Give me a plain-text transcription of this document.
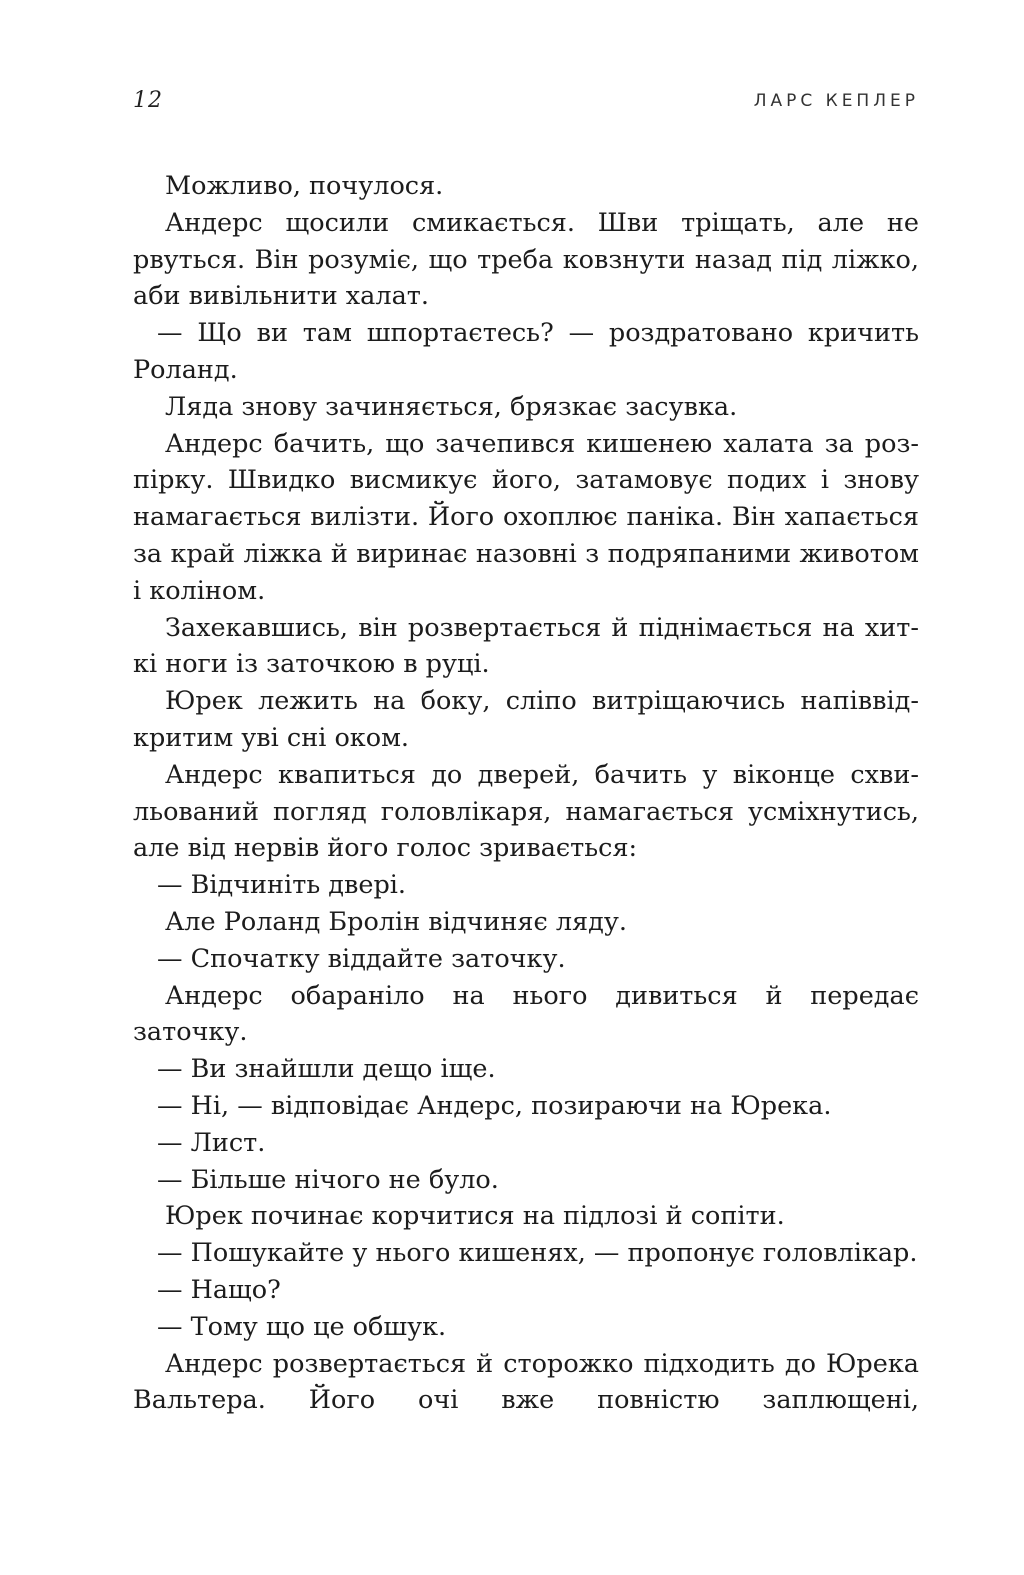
12	ЛАРС КЕПЛЕР

Можливо, почулося.

Андерс щосили смикається. Шви тріщать, але не рвуться. Він розуміє, що треба ковзнути назад під ліжко, аби вивільнити халат.

— Що ви там шпортаєтесь? — роздратовано кричить Роланд.

Ляда знову зачиняється, брязкає засувка.

Андерс бачить, що зачепився кишенею халата за розпірку. Швидко висмикує його, затамовує подих і знову намагається вилізти. Його охоплює паніка. Він хапається за край ліжка й виринає назовні з подряпаними животом і коліном.

Захекавшись, він розвертається й піднімається на хиткі ноги із заточкою в руці.

Юрек лежить на боку, сліпо витріщаючись напіввідкритим уві сні оком.

Андерс квапиться до дверей, бачить у віконце схвильований погляд головлікаря, намагається усміхнутись, але від нервів його голос зривається:

— Відчиніть двері.

Але Роланд Бролін відчиняє ляду.

— Спочатку віддайте заточку.

Андерс обаранiло на нього дивиться й передає заточку.

— Ви знайшли дещо іще.

— Ні, — відповідає Андерс, позираючи на Юрека.

— Лист.

— Більше нічого не було.

Юрек починає корчитися на підлозі й сопіти.

— Пошукайте у нього кишенях, — пропонує головлікар.

— Нащо?

— Тому що це обшук.

Андерс розвертається й сторожко підходить до Юрека Вальтера. Його очі вже повністю заплющені,
